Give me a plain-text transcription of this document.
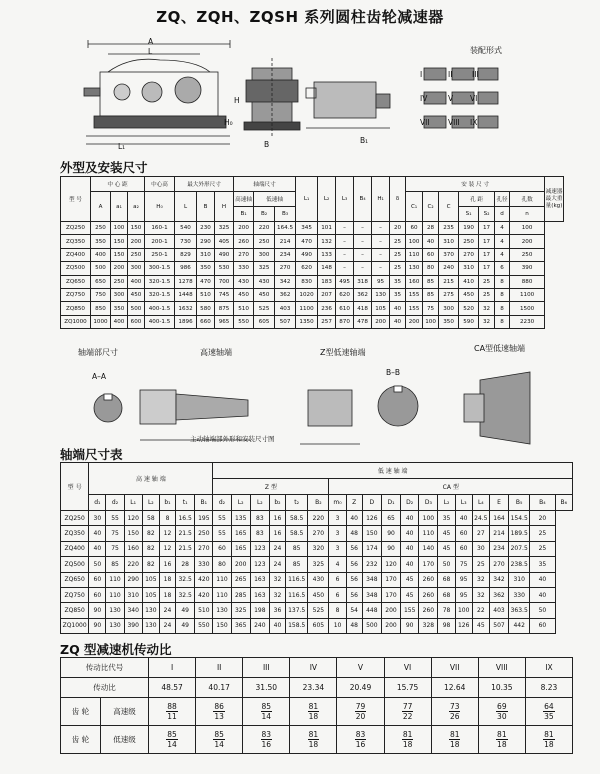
ZQ、ZQH、ZQSH 系列圆柱齿轮减速器
装配形式
A
L
H
H₀
B	B₁
L₁
I	II	III
IV	V VI
VII VIII IX
外型及安装尺寸
型 号	中 心 距			中心高	最大外形尺寸			轴端尺寸			L₁	L₂	L₃	B₄	H₁	δ	安 装 尺 寸							减速器最大重量(kg)
	A	a₁	a₂	H₀	L	B	H	高速轴	低速轴								C₁	C₂	C	孔 距		孔径	孔数	
								B₁	B₂	B₃										S₁	S₂	d	n	
ZQ250	250	100	150	160-1	540	230	325	200	220	164.5	345	101	–	–	–	20	60	28	235	190	17	4	100	
ZQ350	350	150	200	200-1	730	290	405	260	250	214	470	132	–	–	–	25	100	40	310	250	17	4	200	
ZQ400	400	150	250	250-1	829	310	490	270	300	234	490	133	–	–	–	25	110	60	370	270	17	4	250	
ZQ500	500	200	300	300-1.5	986	350	530	330	325	270	620	148	–	–	–	25	130	80	240	310	17	6	390	
ZQ650	650	250	400	320-1.5	1278	470	700	430	430	342	830	183	495	318	95	35	160	85	215	410	25	8	880	
ZQ750	750	300	450	320-1.5	1448	510	745	450	450	362	1020	207	620	362	130	35	155	85	275	450	25	8	1100	
ZQ850	850	350	500	400-1.5	1632	580	875	510	525	403	1100	236	610	418	105	40	155	75	300	520	32	8	1500	
ZQ1000	1000	400	600	400-1.5	1896	660	965	550	605	507	1350	257	870	478	200	40	200	100	350	590	32	8	2230	
轴端部尺寸	高速轴端	Z型低速轴端	CA型低速轴端
A–A	B–B
主动轴端部外形和安装尺寸图
轴端尺寸表
型 号	高 速 轴 端							低 速 轴 端																		
								Z 型						CA 型												
	d₁	d₂	L₁	L₂	b₁	t₁	B₁	d₂	L₂	L₂	b₂	t₂	B₂	m₀	Z	D	D₁	D₂	D₃	L₂	L₃	L₄	E	B₅	B₄	B₆
ZQ250	30	55	120	58	8	16.5	195	55	135	83	16	58.5	220	3	40	126	65	40	100	35	40	24.5	164	154.5	20	
ZQ350	40	75	150	82	12	21.5	250	55	165	83	16	58.5	270	3	48	150	90	40	110	45	60	27	214	189.5	25	
ZQ400	40	75	160	82	12	21.5	270	60	165	123	24	85	320	3	56	174	90	40	140	45	60	30	234	207.5	25	
ZQ500	50	85	220	82	16	28	330	80	200	123	24	85	325	4	56	232	120	40	170	50	75	25	270	238.5	35	
ZQ650	60	110	290	105	18	32.5	420	110	265	163	32	116.5	430	6	56	348	170	45	260	68	95	32	342	310	40	
ZQ750	60	110	310	105	18	32.5	420	110	285	163	32	116.5	450	6	56	348	170	45	260	68	95	32	362	330	40	
ZQ850	90	130	340	130	24	49	510	130	325	198	36	137.5	525	8	54	448	200	155	260	78	100	22	403	363.5	50	
ZQ1000	90	130	390	130	24	49	550	150	365	240	40	158.5	605	10	48	500	200	90	328	98	126	45	507	442	60	
ZQ 型减速机传动比
传动比代号		I	II	III	IV	V	VI	VII	VIII	IX
传动比		48.57	40.17	31.50	23.34	20.49	15.75	12.64	10.35	8.23
齿 轮	高速级	$\frac{88}{11}$	$\frac{86}{13}$	$\frac{85}{14}$	$\frac{81}{18}$	$\frac{79}{20}$	$\frac{77}{22}$	$\frac{73}{26}$	$\frac{69}{30}$	$\frac{64}{35}$

齿 轮	低速级	$\frac{85}{14}$	$\frac{85}{14}$	$\frac{83}{16}$	$\frac{81}{18}$	$\frac{83}{16}$	$\frac{81}{18}$	$\frac{81}{18}$	$\frac{81}{18}$	$\frac{81}{18}$
